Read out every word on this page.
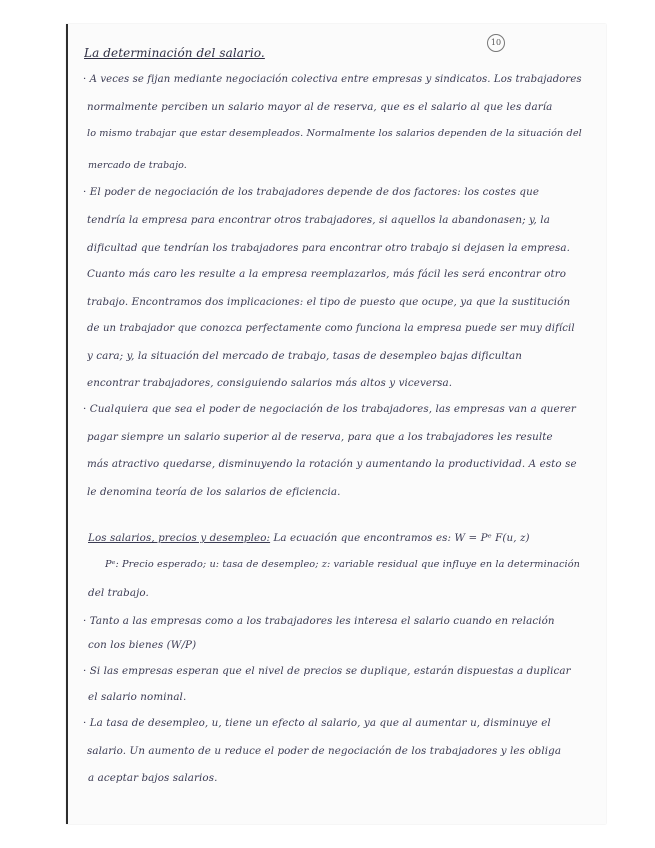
10

La determinación del salario.

· A veces se fijan mediante negociación colectiva entre empresas y sindicatos. Los trabajadores

normalmente perciben un salario mayor al de reserva, que es el salario al que les daría

lo mismo trabajar que estar desempleados. Normalmente los salarios dependen de la situación del

mercado de trabajo.

· El poder de negociación de los trabajadores depende de dos factores: los costes que

tendría la empresa para encontrar otros trabajadores, si aquellos la abandonasen; y, la

dificultad que tendrían los trabajadores para encontrar otro trabajo si dejasen la empresa.

Cuanto más caro les resulte a la empresa reemplazarlos, más fácil les será encontrar otro

trabajo. Encontramos dos implicaciones: el tipo de puesto que ocupe, ya que la sustitución

de un trabajador que conozca perfectamente como funciona la empresa puede ser muy difícil

y cara; y, la situación del mercado de trabajo, tasas de desempleo bajas dificultan

encontrar trabajadores, consiguiendo salarios más altos y viceversa.

· Cualquiera que sea el poder de negociación de los trabajadores, las empresas van a querer

pagar siempre un salario superior al de reserva, para que a los trabajadores les resulte

más atractivo quedarse, disminuyendo la rotación y aumentando la productividad. A esto se

le denomina teoría de los salarios de eficiencia.

Los salarios, precios y desempleo: La ecuación que encontramos es: W = Pᵉ F(u, z)

Pᵉ: Precio esperado; u: tasa de desempleo; z: variable residual que influye en la determinación

del trabajo.

· Tanto a las empresas como a los trabajadores les interesa el salario cuando en relación

con los bienes (W/P)

· Si las empresas esperan que el nivel de precios se duplique, estarán dispuestas a duplicar

el salario nominal.

· La tasa de desempleo, u, tiene un efecto al salario, ya que al aumentar u, disminuye el

salario. Un aumento de u reduce el poder de negociación de los trabajadores y les obliga

a aceptar bajos salarios.
